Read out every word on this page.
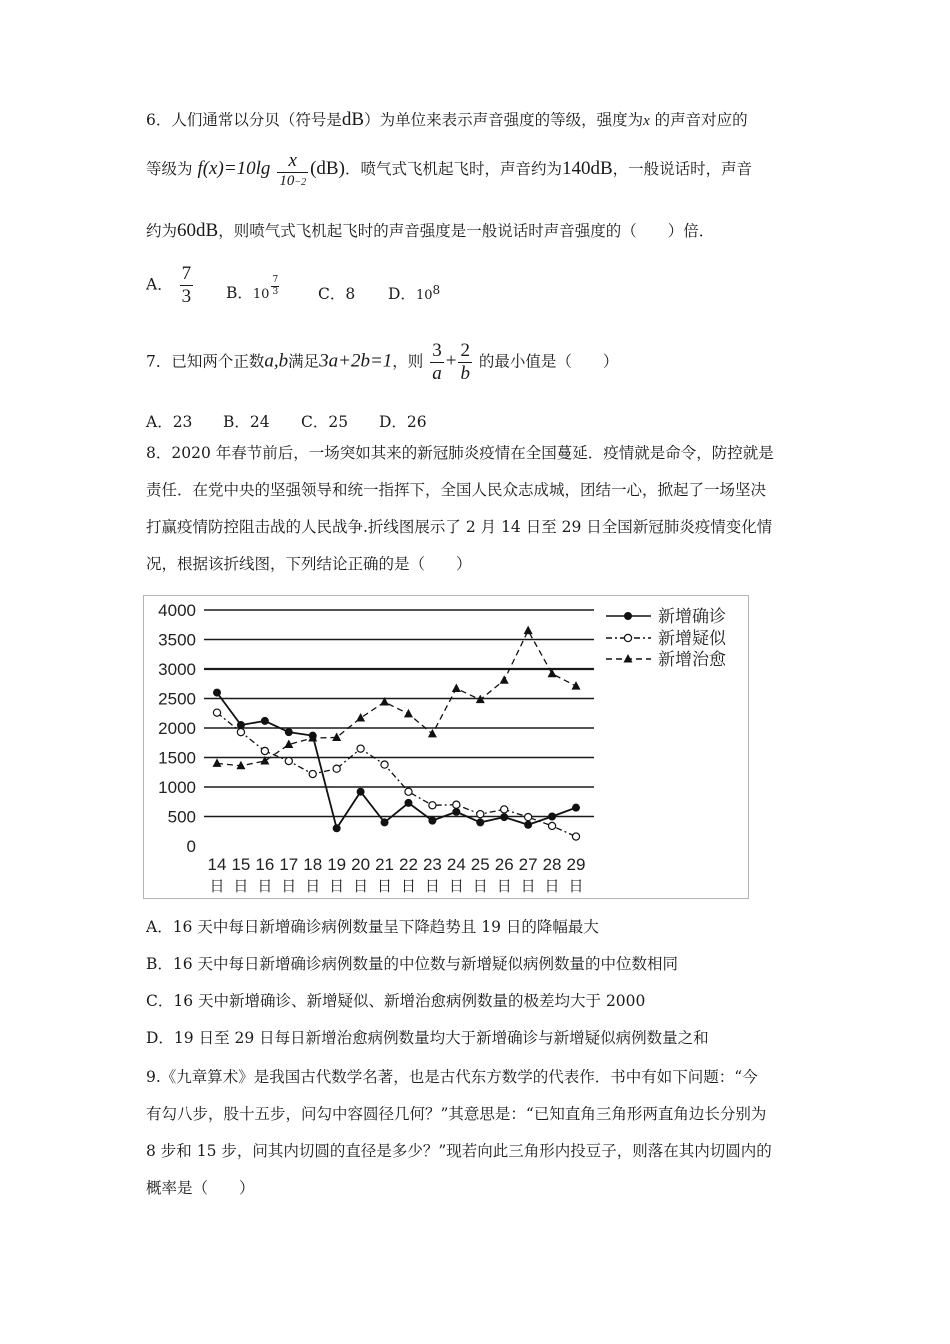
6．人们通常以分贝（符号是dB）为单位来表示声音强度的等级，强度为x 的声音对应的
等级为 $f(x)=10\lg \frac{x}{10-2} (dB)$．喷气式飞机起飞时，声音约为140dB，一般说话时，声音
约为60dB，则喷气式飞机起飞时的声音强度是一般说话时声音强度的（　　）倍．
A． $\frac{7}{3}$ B．$10 \frac{7}{3}$	C．8 D．$10^8$
7．已知两个正数a,b满足3a+2b=1，则 $\frac{3}{a} + \frac{2}{b}$ 的最小值是（　　）
A．23 B．24 C．25 D．26
8．2020 年春节前后，一场突如其来的新冠肺炎疫情在全国蔓延．疫情就是命令，防控就是
责任．在党中央的坚强领导和统一指挥下，全国人民众志成城，团结一心，掀起了一场坚决
打赢疫情防控阻击战的人民战争.折线图展示了 2 月 14 日至 29 日全国新冠肺炎疫情变化情
况，根据该折线图，下列结论正确的是（　　）
0
500
1000
1500
2000
2500
3000
3500
4000
14
日
15
日
16
日
17
日
18
日
19
日
20
日
21
日
22
日
23
日
24
日
25
日
26
日
27
日
28
日
29
日
新增确诊
新增疑似
新增治愈
A．16 天中每日新增确诊病例数量呈下降趋势且 19 日的降幅最大
B．16 天中每日新增确诊病例数量的中位数与新增疑似病例数量的中位数相同
C．16 天中新增确诊、新增疑似、新增治愈病例数量的极差均大于 2000
D．19 日至 29 日每日新增治愈病例数量均大于新增确诊与新增疑似病例数量之和
9.《九章算术》是我国古代数学名著，也是古代东方数学的代表作．书中有如下问题：“今
有勾八步，股十五步，问勾中容圆径几何？”其意思是：“已知直角三角形两直角边长分别为
8 步和 15 步，问其内切圆的直径是多少？”现若向此三角形内投豆子，则落在其内切圆内的
概率是（　　）
